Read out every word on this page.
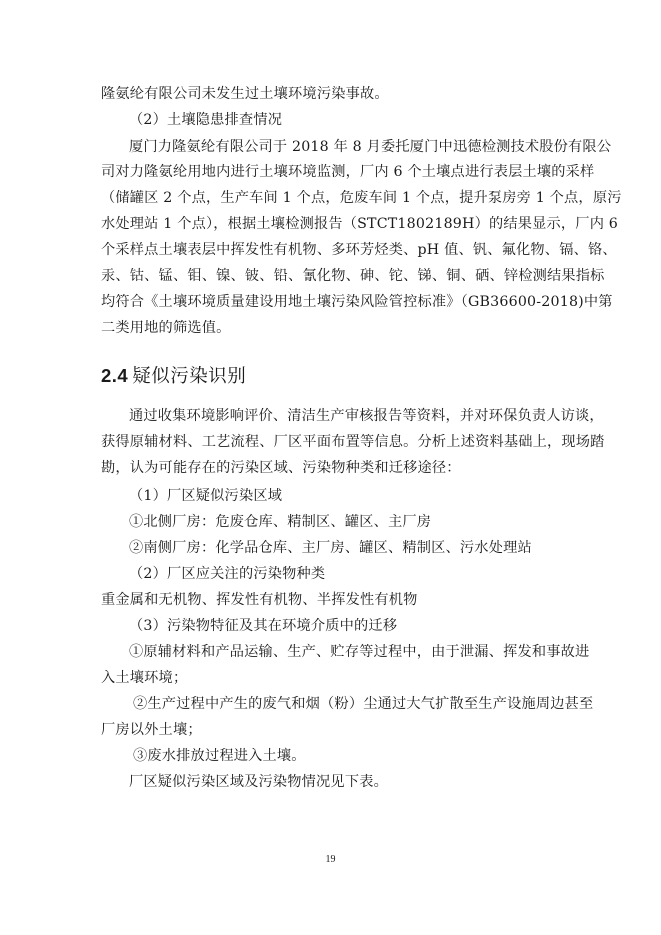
隆氨纶有限公司未发生过土壤环境污染事故。
（2）土壤隐患排查情况
厦门力隆氨纶有限公司于 2018 年 8 月委托厦门中迅德检测技术股份有限公
司对力隆氨纶用地内进行土壤环境监测，厂内 6 个土壤点进行表层土壤的采样
（储罐区 2 个点，生产车间 1 个点，危废车间 1 个点，提升泵房旁 1 个点，原污
水处理站 1 个点），根据土壤检测报告（STCT1802189H）的结果显示，厂内 6
个采样点土壤表层中挥发性有机物、多环芳烃类、pH 值、钒、氟化物、镉、铬、
汞、钴、锰、钼、镍、铍、铅、氰化物、砷、铊、锑、铜、硒、锌检测结果指标
均符合《土壤环境质量建设用地土壤污染风险管控标准》（GB36600-2018)中第
二类用地的筛选值。
2.4 疑似污染识别
通过收集环境影响评价、清洁生产审核报告等资料，并对环保负责人访谈，
获得原辅材料、工艺流程、厂区平面布置等信息。分析上述资料基础上，现场踏
勘，认为可能存在的污染区域、污染物种类和迁移途径：
（1）厂区疑似污染区域
①北侧厂房：危废仓库、精制区、罐区、主厂房
②南侧厂房：化学品仓库、主厂房、罐区、精制区、污水处理站
（2）厂区应关注的污染物种类
重金属和无机物、挥发性有机物、半挥发性有机物
（3）污染物特征及其在环境介质中的迁移
①原辅材料和产品运输、生产、贮存等过程中，由于泄漏、挥发和事故进
入土壤环境；
②生产过程中产生的废气和烟（粉）尘通过大气扩散至生产设施周边甚至
厂房以外土壤；
③废水排放过程进入土壤。
厂区疑似污染区域及污染物情况见下表。
19
